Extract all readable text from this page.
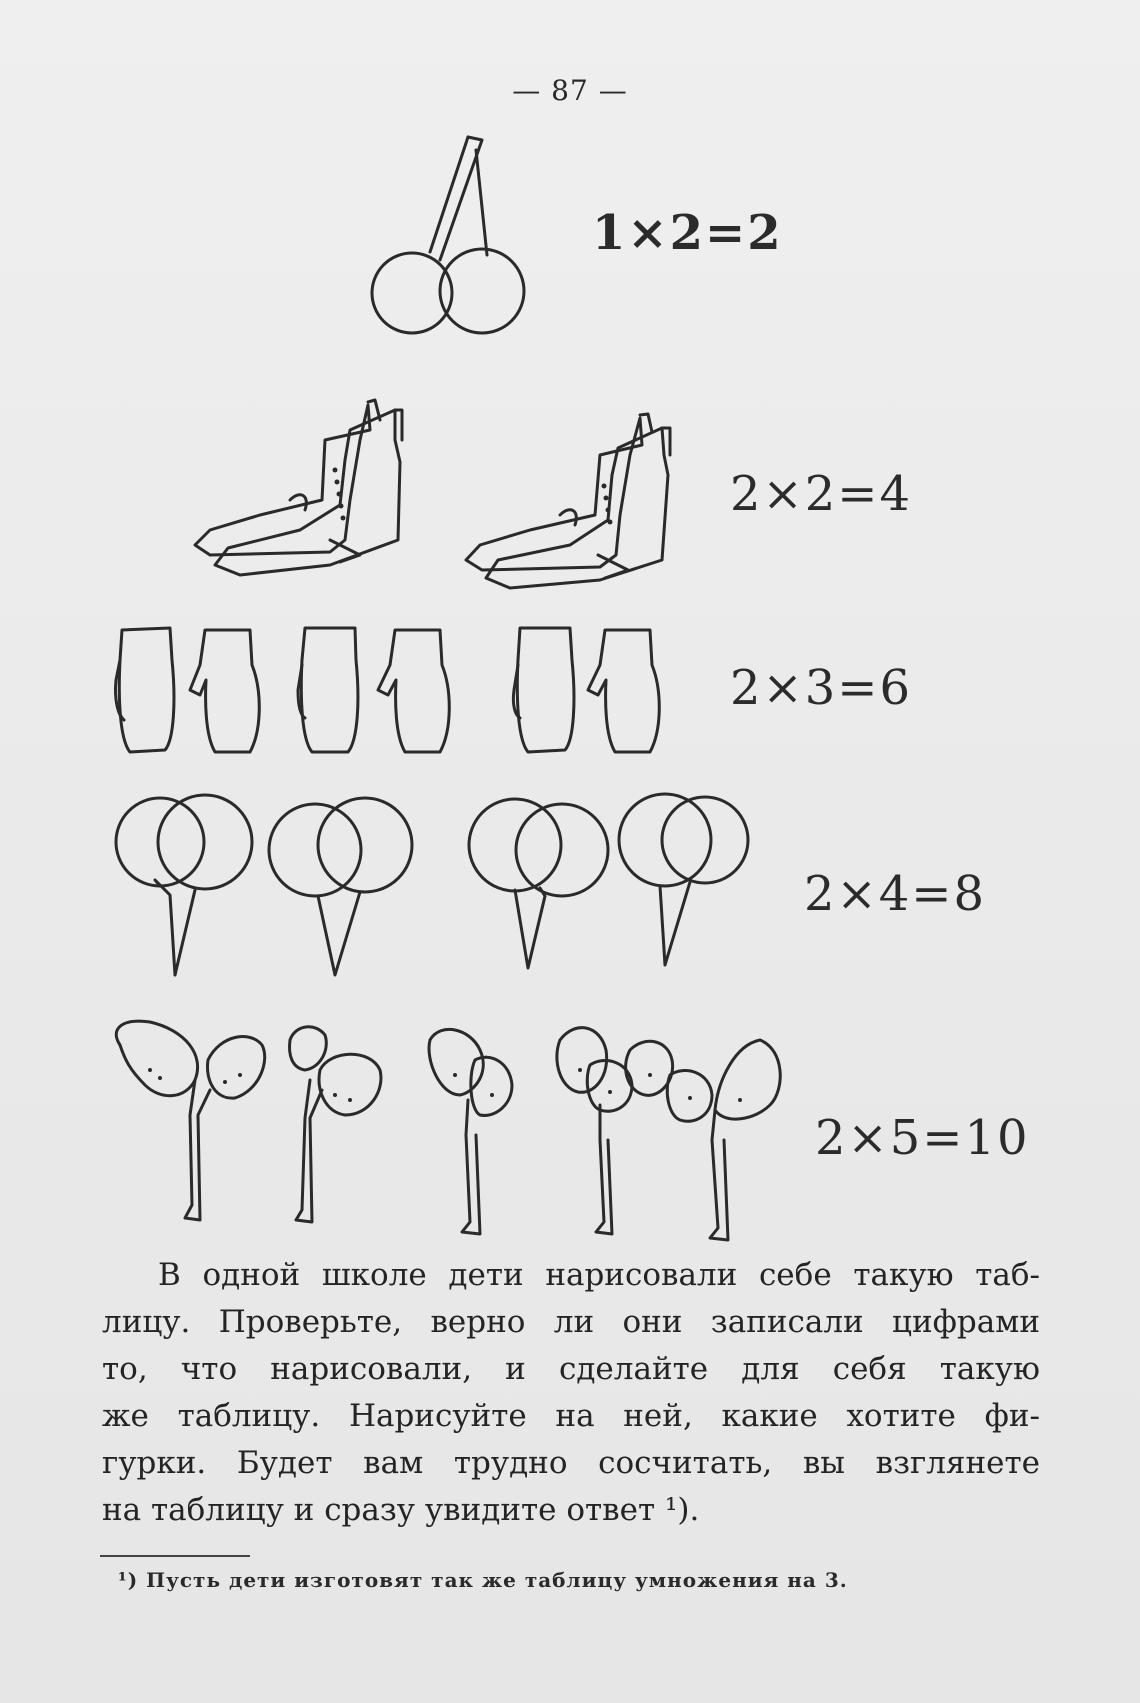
— 87 —
1×2=2
2×2=4
2×3=6
2×4=8
2×5=10
В одной школе дети нарисовали себе такую таб-
лицу. Проверьте, верно ли они записали цифрами
то, что нарисовали, и сделайте для себя такую
же таблицу. Нарисуйте на ней, какие хотите фи-
гурки. Будет вам трудно сосчитать, вы взглянете
на таблицу и сразу увидите ответ ¹).
¹) Пусть дети изготовят так же таблицу умножения на 3.
